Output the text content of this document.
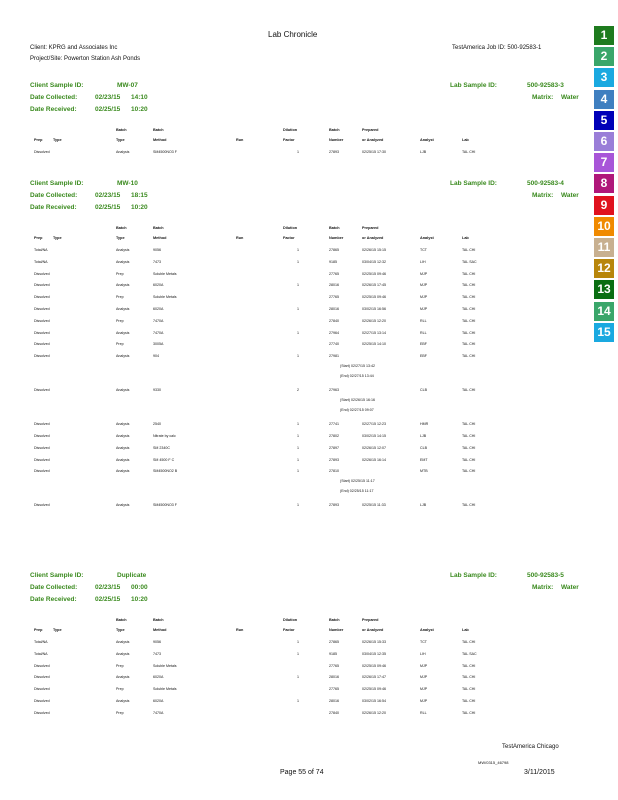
Lab Chronicle
Client: KPRG and Associates Inc
Project/Site: Powerton Station Ash Ponds
TestAmerica Job ID: 500-92583-1
1
2
3
4
5
6
7
8
9
10
11
12
13
14
15
Client Sample ID:	MW-07	Lab Sample ID:	500-92583-3
Date Collected:	02/23/15 14:10	Matrix: Water
Date Received:	02/25/15 10:20
Batch	Batch	Dilution	Batch	Prepared
Prep	Type	Type	Method	Run	Factor	Number	or Analyzed	Analyst	Lab
Dissolved	Analysis	SM4500NO3 F	1	27893	02/25/15 17:30	LJB	TAL CHI
Client Sample ID:	MW-10	Lab Sample ID:	500-92583-4
Date Collected:	02/23/15 18:15	Matrix: Water
Date Received:	02/25/15 10:20
Batch	Batch	Dilution	Batch	Prepared
Prep	Type	Type	Method	Run	Factor	Number	or Analyzed	Analyst	Lab
Total/NA	Analysis	9056	1	27865	02/26/15 15:15	TCT	TAL CHI
Total/NA	Analysis	7473	1	9185	03/04/15 12:32	LIH	TAL SAC
Dissolved	Prep	Soluble Metals	27765	02/25/15 09:46	MJP	TAL CHI
Dissolved	Analysis	6020A	1	28016	02/26/15 17:45	MJP	TAL CHI
Dissolved	Prep	Soluble Metals	27765	02/25/15 09:46	MJP	TAL CHI
Dissolved	Analysis	6020A	1	28016	03/02/15 16:56	MJP	TAL CHI
Dissolved	Prep	7470A	27840	02/26/15 12:20	RLL	TAL CHI
Dissolved	Analysis	7470A	1	27964	02/27/15 13:14	RLL	TAL CHI
Dissolved	Prep	3005A	27740	02/25/15 14:10	EBF	TAL CHI
Dissolved	Analysis	904	1	27981	EBF	TAL CHI
(Start) 02/27/15 13:42
(End) 02/27/15 13:44
Dissolved	Analysis	9330	2	27963	CLB	TAL CHI
(Start) 02/26/15 16:16
(End) 02/27/15 09:07
Dissolved	Analysis	2540	1	27741	02/27/15 12:23	HMR	TAL CHI
Dissolved	Analysis	Nitrate by calc	1	27802	03/02/15 14:15	LJB	TAL CHI
Dissolved	Analysis	SM 2340C	1	27897	02/26/15 12:07	CLB	TAL CHI
Dissolved	Analysis	SM 4500 F C	1	27893	02/26/15 16:14	EMT	TAL CHI
Dissolved	Analysis	SM4500NO2 B	1	27810	MTB	TAL CHI
(Start) 02/25/15 11:17
(End) 02/25/15 11:17
Dissolved	Analysis	SM4500NO3 F	1	27893	02/25/15 11:33	LJB	TAL CHI
Client Sample ID:	Duplicate	Lab Sample ID:	500-92583-5
Date Collected:	02/23/15 00:00	Matrix: Water
Date Received:	02/25/15 10:20
Batch	Batch	Dilution	Batch	Prepared
Prep	Type	Type	Method	Run	Factor	Number	or Analyzed	Analyst	Lab
Total/NA	Analysis	9056	1	27865	02/26/15 15:33	TCT	TAL CHI
Total/NA	Analysis	7473	1	9185	03/04/15 12:35	LIH	TAL SAC
Dissolved	Prep	Soluble Metals	27765	02/25/15 09:46	MJP	TAL CHI
Dissolved	Analysis	6020A	1	28016	02/26/15 17:47	MJP	TAL CHI
Dissolved	Prep	Soluble Metals	27765	02/25/15 09:46	MJP	TAL CHI
Dissolved	Analysis	6020A	1	28016	03/02/15 16:54	MJP	TAL CHI
Dissolved	Prep	7470A	27840	02/26/15 12:20	RLL	TAL CHI
TestAmerica Chicago
MW/0315_46798
Page 55 of 74	3/11/2015
